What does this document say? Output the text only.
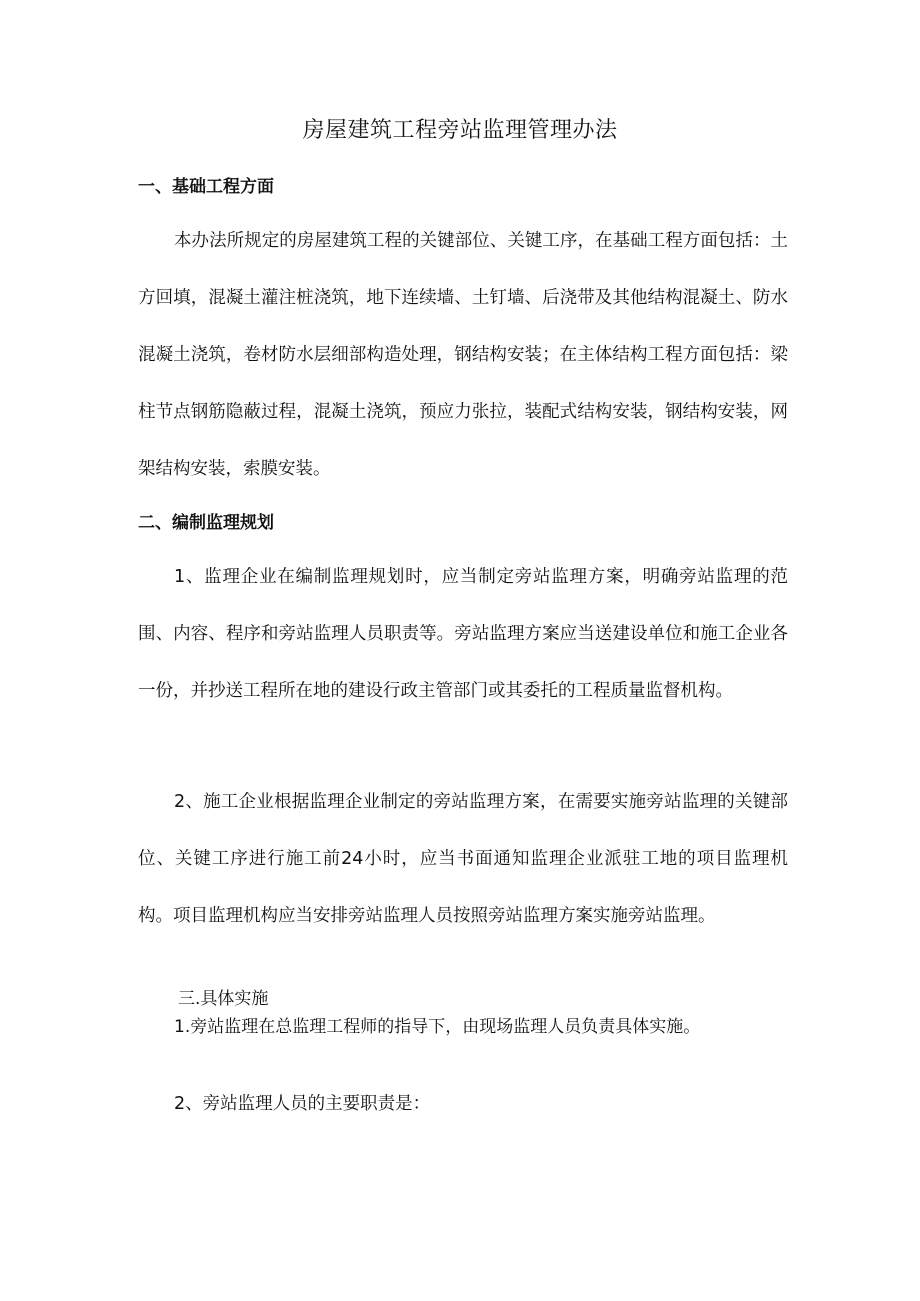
房屋建筑工程旁站监理管理办法
一、基础工程方面

本办法所规定的房屋建筑工程的关键部位、关键工序，在基础工程方面包括：土方回填，混凝土灌注桩浇筑，地下连续墙、土钉墙、后浇带及其他结构混凝土、防水混凝土浇筑，卷材防水层细部构造处理，钢结构安装；在主体结构工程方面包括：梁柱节点钢筋隐蔽过程，混凝土浇筑，预应力张拉，装配式结构安装，钢结构安装，网架结构安装，索膜安装。

二、编制监理规划

1、监理企业在编制监理规划时，应当制定旁站监理方案，明确旁站监理的范围、内容、程序和旁站监理人员职责等。旁站监理方案应当送建设单位和施工企业各一份，并抄送工程所在地的建设行政主管部门或其委托的工程质量监督机构。

2、施工企业根据监理企业制定的旁站监理方案，在需要实施旁站监理的关键部位、关键工序进行施工前24小时，应当书面通知监理企业派驻工地的项目监理机构。项目监理机构应当安排旁站监理人员按照旁站监理方案实施旁站监理。

三.具体实施

1.旁站监理在总监理工程师的指导下，由现场监理人员负责具体实施。

2、旁站监理人员的主要职责是：
